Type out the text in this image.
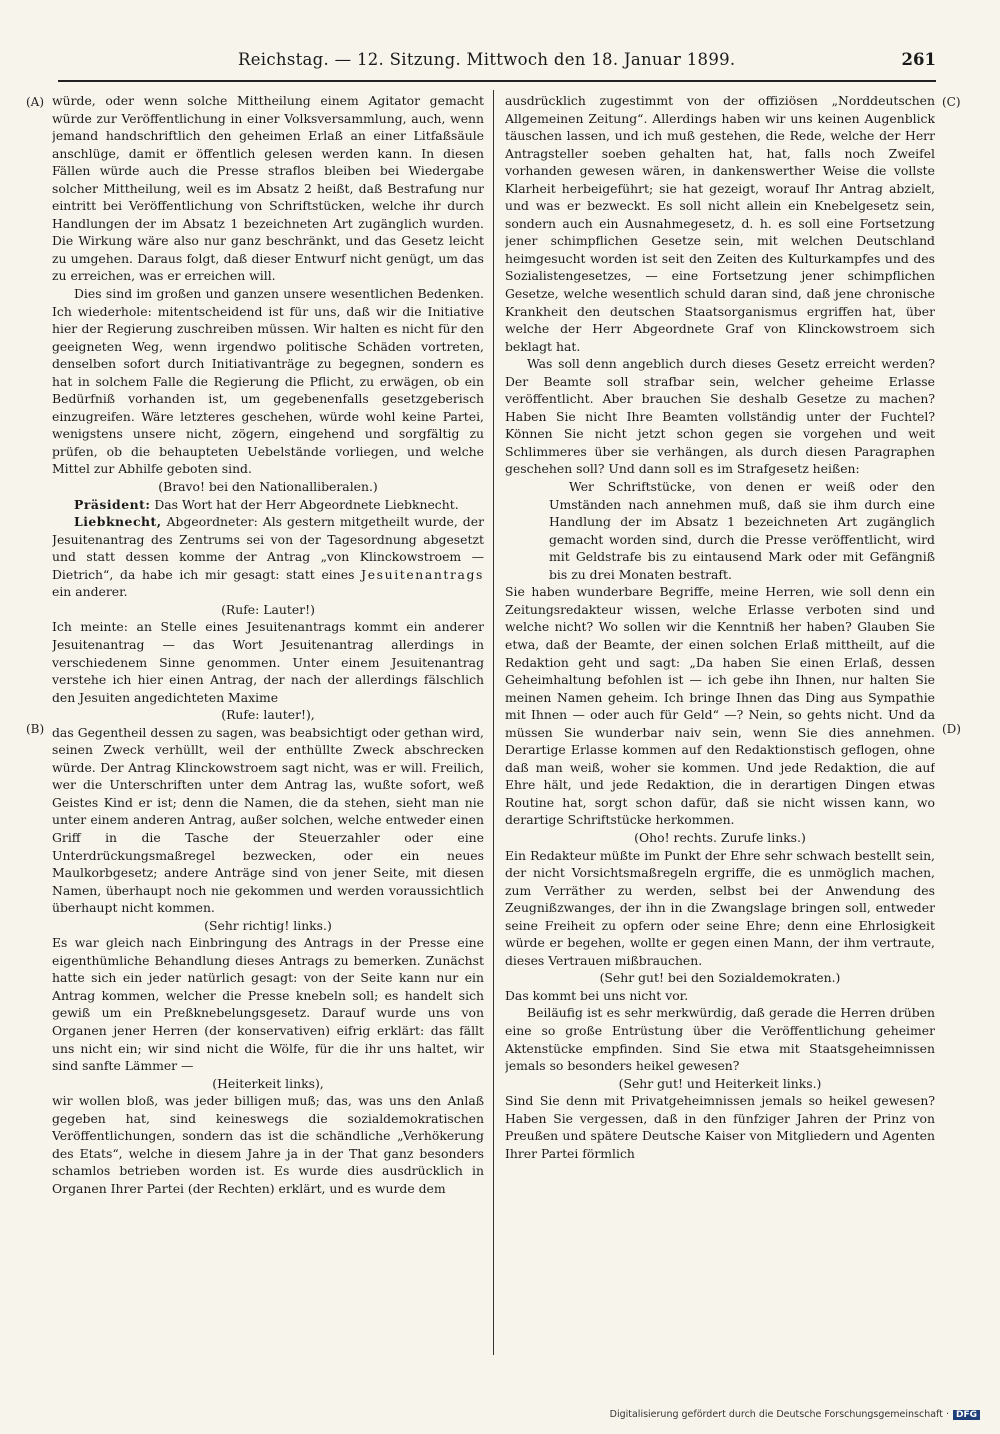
Reichstag. — 12. Sitzung. Mittwoch den 18. Januar 1899.	261
(A)
(B)
(C)
(D)

würde, oder wenn solche Mittheilung einem Agitator gemacht würde zur Veröffentlichung in einer Volksversammlung, auch, wenn jemand handschriftlich den geheimen Erlaß an einer Litfaßsäule anschlüge, damit er öffentlich gelesen werden kann. In diesen Fällen würde auch die Presse straflos bleiben bei Wiedergabe solcher Mittheilung, weil es im Absatz 2 heißt, daß Bestrafung nur eintritt bei Veröffentlichung von Schriftstücken, welche ihr durch Handlungen der im Absatz 1 bezeichneten Art zugänglich wurden. Die Wirkung wäre also nur ganz beschränkt, und das Gesetz leicht zu umgehen. Daraus folgt, daß dieser Entwurf nicht genügt, um das zu erreichen, was er erreichen will.

Dies sind im großen und ganzen unsere wesentlichen Bedenken. Ich wiederhole: mitentscheidend ist für uns, daß wir die Initiative hier der Regierung zuschreiben müssen. Wir halten es nicht für den geeigneten Weg, wenn irgendwo politische Schäden vortreten, denselben sofort durch Initiativanträge zu begegnen, sondern es hat in solchem Falle die Regierung die Pflicht, zu erwägen, ob ein Bedürfniß vorhanden ist, um gegebenenfalls gesetzgeberisch einzugreifen. Wäre letzteres geschehen, würde wohl keine Partei, wenigstens unsere nicht, zögern, eingehend und sorgfältig zu prüfen, ob die behaupteten Uebelstände vorliegen, und welche Mittel zur Abhilfe geboten sind.

(Bravo! bei den Nationalliberalen.)

Präsident: Das Wort hat der Herr Abgeordnete Liebknecht.

Liebknecht, Abgeordneter: Als gestern mitgetheilt wurde, der Jesuitenantrag des Zentrums sei von der Tagesordnung abgesetzt und statt dessen komme der Antrag „von Klinckowstroem — Dietrich“, da habe ich mir gesagt: statt eines Jesuitenantrags ein anderer.

(Rufe: Lauter!)

Ich meinte: an Stelle eines Jesuitenantrags kommt ein anderer Jesuitenantrag — das Wort Jesuitenantrag allerdings in verschiedenem Sinne genommen. Unter einem Jesuitenantrag verstehe ich hier einen Antrag, der nach der allerdings fälschlich den Jesuiten angedichteten Maxime

(Rufe: lauter!),

das Gegentheil dessen zu sagen, was beabsichtigt oder gethan wird, seinen Zweck verhüllt, weil der enthüllte Zweck abschrecken würde. Der Antrag Klinckowstroem sagt nicht, was er will. Freilich, wer die Unterschriften unter dem Antrag las, wußte sofort, weß Geistes Kind er ist; denn die Namen, die da stehen, sieht man nie unter einem anderen Antrag, außer solchen, welche entweder einen Griff in die Tasche der Steuerzahler oder eine Unterdrückungsmaßregel bezwecken, oder ein neues Maulkorbgesetz; andere Anträge sind von jener Seite, mit diesen Namen, überhaupt noch nie gekommen und werden voraussichtlich überhaupt nicht kommen.

(Sehr richtig! links.)

Es war gleich nach Einbringung des Antrags in der Presse eine eigenthümliche Behandlung dieses Antrags zu bemerken. Zunächst hatte sich ein jeder natürlich gesagt: von der Seite kann nur ein Antrag kommen, welcher die Presse knebeln soll; es handelt sich gewiß um ein Preßknebelungsgesetz. Darauf wurde uns von Organen jener Herren (der konservativen) eifrig erklärt: das fällt uns nicht ein; wir sind nicht die Wölfe, für die ihr uns haltet, wir sind sanfte Lämmer —

(Heiterkeit links),

wir wollen bloß, was jeder billigen muß; das, was uns den Anlaß gegeben hat, sind keineswegs die sozialdemokratischen Veröffentlichungen, sondern das ist die schändliche „Verhökerung des Etats“, welche in diesem Jahre ja in der That ganz besonders schamlos betrieben worden ist. Es wurde dies ausdrücklich in Organen Ihrer Partei (der Rechten) erklärt, und es wurde dem

ausdrücklich zugestimmt von der offiziösen „Norddeutschen Allgemeinen Zeitung“. Allerdings haben wir uns keinen Augenblick täuschen lassen, und ich muß gestehen, die Rede, welche der Herr Antragsteller soeben gehalten hat, hat, falls noch Zweifel vorhanden gewesen wären, in dankenswerther Weise die vollste Klarheit herbeigeführt; sie hat gezeigt, worauf Ihr Antrag abzielt, und was er bezweckt. Es soll nicht allein ein Knebelgesetz sein, sondern auch ein Ausnahmegesetz, d. h. es soll eine Fortsetzung jener schimpflichen Gesetze sein, mit welchen Deutschland heimgesucht worden ist seit den Zeiten des Kulturkampfes und des Sozialistengesetzes, — eine Fortsetzung jener schimpflichen Gesetze, welche wesentlich schuld daran sind, daß jene chronische Krankheit den deutschen Staatsorganismus ergriffen hat, über welche der Herr Abgeordnete Graf von Klinckowstroem sich beklagt hat.

Was soll denn angeblich durch dieses Gesetz erreicht werden? Der Beamte soll strafbar sein, welcher geheime Erlasse veröffentlicht. Aber brauchen Sie deshalb Gesetze zu machen? Haben Sie nicht Ihre Beamten vollständig unter der Fuchtel? Können Sie nicht jetzt schon gegen sie vorgehen und weit Schlimmeres über sie verhängen, als durch diesen Paragraphen geschehen soll? Und dann soll es im Strafgesetz heißen:

Wer Schriftstücke, von denen er weiß oder den Umständen nach annehmen muß, daß sie ihm durch eine Handlung der im Absatz 1 bezeichneten Art zugänglich gemacht worden sind, durch die Presse veröffentlicht, wird mit Geldstrafe bis zu eintausend Mark oder mit Gefängniß bis zu drei Monaten bestraft.

Sie haben wunderbare Begriffe, meine Herren, wie soll denn ein Zeitungsredakteur wissen, welche Erlasse verboten sind und welche nicht? Wo sollen wir die Kenntniß her haben? Glauben Sie etwa, daß der Beamte, der einen solchen Erlaß mittheilt, auf die Redaktion geht und sagt: „Da haben Sie einen Erlaß, dessen Geheimhaltung befohlen ist — ich gebe ihn Ihnen, nur halten Sie meinen Namen geheim. Ich bringe Ihnen das Ding aus Sympathie mit Ihnen — oder auch für Geld“ —? Nein, so gehts nicht. Und da müssen Sie wunderbar naiv sein, wenn Sie dies annehmen. Derartige Erlasse kommen auf den Redaktionstisch geflogen, ohne daß man weiß, woher sie kommen. Und jede Redaktion, die auf Ehre hält, und jede Redaktion, die in derartigen Dingen etwas Routine hat, sorgt schon dafür, daß sie nicht wissen kann, wo derartige Schriftstücke herkommen.

(Oho! rechts. Zurufe links.)

Ein Redakteur müßte im Punkt der Ehre sehr schwach bestellt sein, der nicht Vorsichtsmaßregeln ergriffe, die es unmöglich machen, zum Verräther zu werden, selbst bei der Anwendung des Zeugnißzwanges, der ihn in die Zwangslage bringen soll, entweder seine Freiheit zu opfern oder seine Ehre; denn eine Ehrlosigkeit würde er begehen, wollte er gegen einen Mann, der ihm vertraute, dieses Vertrauen mißbrauchen.

(Sehr gut! bei den Sozialdemokraten.)

Das kommt bei uns nicht vor.

Beiläufig ist es sehr merkwürdig, daß gerade die Herren drüben eine so große Entrüstung über die Veröffentlichung geheimer Aktenstücke empfinden. Sind Sie etwa mit Staatsgeheimnissen jemals so besonders heikel gewesen?

(Sehr gut! und Heiterkeit links.)

Sind Sie denn mit Privatgeheimnissen jemals so heikel gewesen? Haben Sie vergessen, daß in den fünfziger Jahren der Prinz von Preußen und spätere Deutsche Kaiser von Mitgliedern und Agenten Ihrer Partei förmlich

Digitalisierung gefördert durch die Deutsche Forschungsgemeinschaft · DFG
